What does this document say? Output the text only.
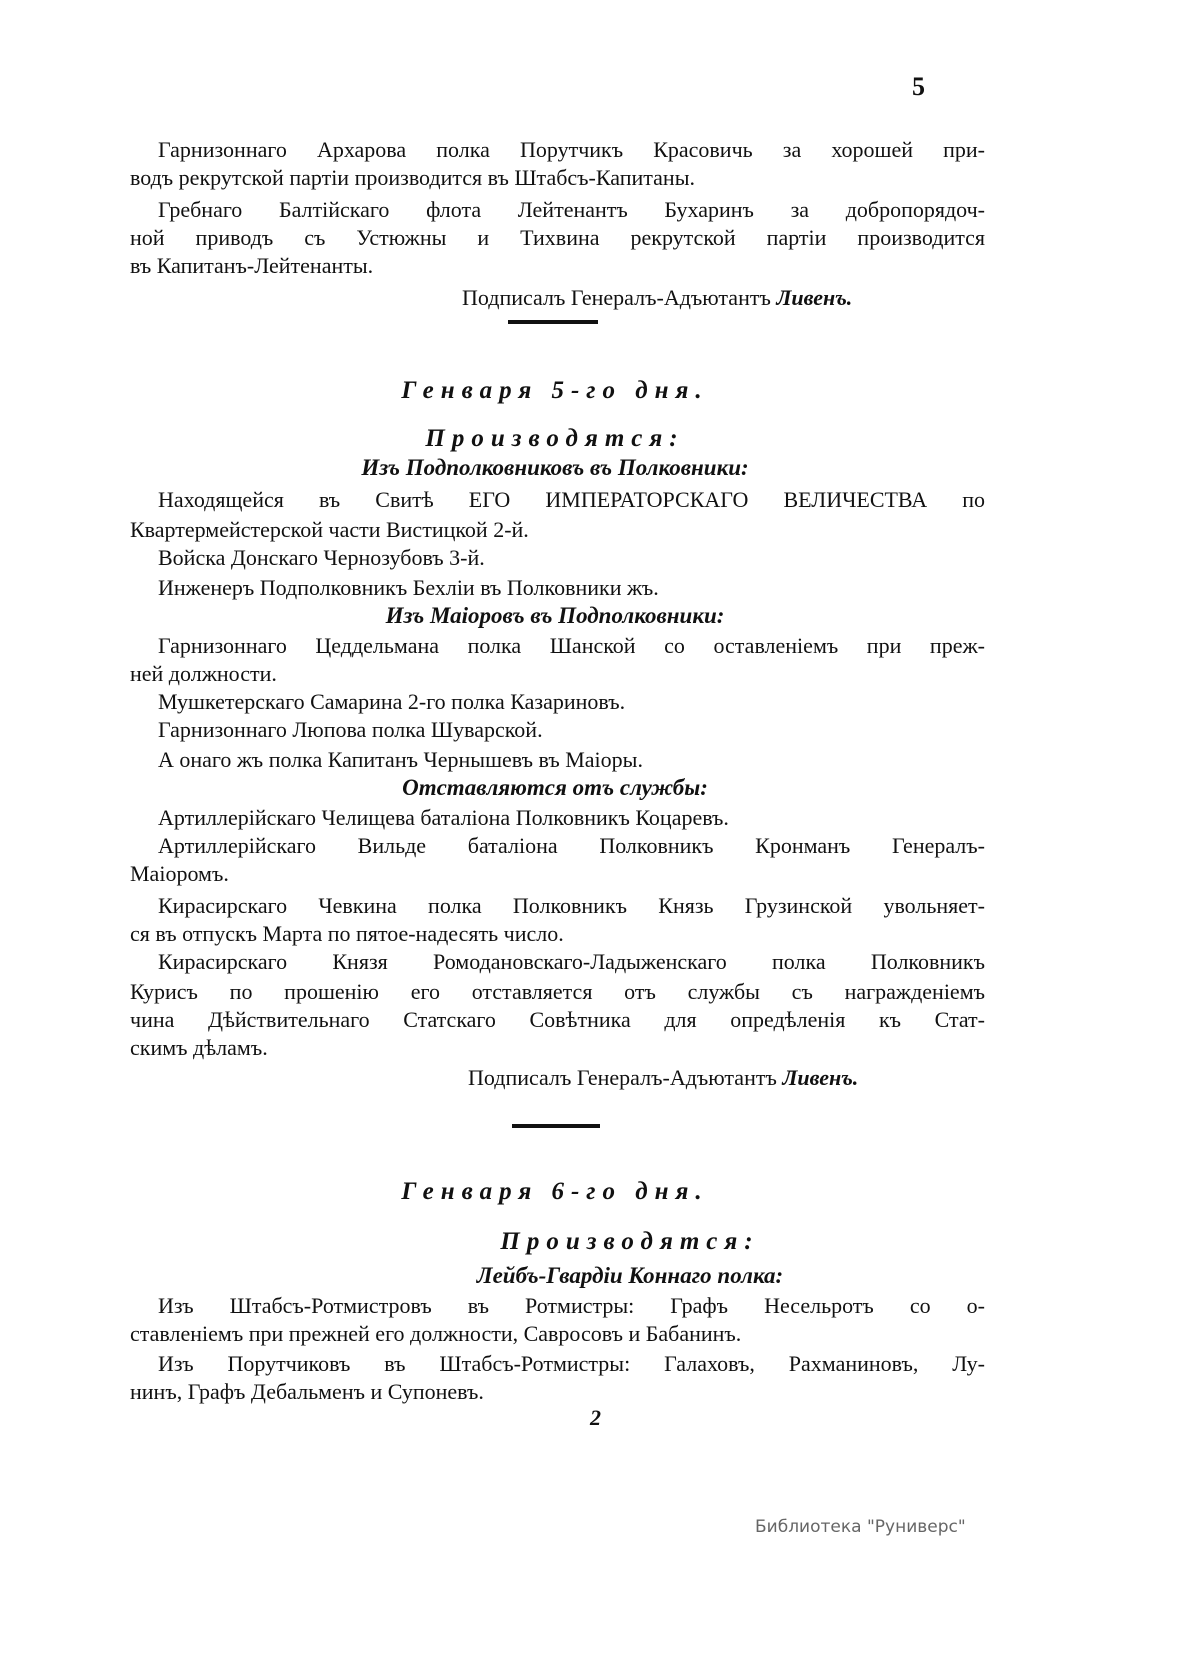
5
Гарнизоннаго Архарова полка Порутчикъ Красовичь за хорошей при-
водъ рекрутской партіи производится въ Штабсъ-Капитаны.
Гребнаго Балтійскаго флота Лейтенантъ Бухаринъ за добропорядоч-
ной приводъ съ Устюжны и Тихвина рекрутской партіи производится
въ Капитанъ-Лейтенанты.
Подписалъ Генералъ-Адъютантъ Ливенъ.
Генваря 5-го дня.
Производятся:
Изъ Подполковниковъ въ Полковники:
Находящейся въ Свитѣ ЕГО ИМПЕРАТОРСКАГО ВЕЛИЧЕСТВА по
Квартермейстерской части Вистицкой 2-й.
Войска Донскаго Чернозубовъ 3-й.
Инженеръ Подполковникъ Бехліи въ Полковники жъ.
Изъ Маіоровъ въ Подполковники:
Гарнизоннаго Цеддельмана полка Шанской со оставленіемъ при преж-
ней должности.
Мушкетерскаго Самарина 2-го полка Казариновъ.
Гарнизоннаго Люпова полка Шуварской.
А онаго жъ полка Капитанъ Чернышевъ въ Маіоры.
Отставляются отъ службы:
Артиллерійскаго Челищева баталіона Полковникъ Коцаревъ.
Артиллерійскаго Вильде баталіона Полковникъ Кронманъ Генералъ-
Маіоромъ.
Кирасирскаго Чевкина полка Полковникъ Князь Грузинской увольняет-
ся въ отпускъ Марта по пятое-надесять число.
Кирасирскаго Князя Ромодановскаго-Ладыженскаго полка Полковникъ
Курисъ по прошенію его отставляется отъ службы съ награжденіемъ
чина Дѣйствительнаго Статскаго Совѣтника для опредѣленія къ Стат-
скимъ дѣламъ.
Подписалъ Генералъ-Адъютантъ Ливенъ.
Генваря 6-го дня.
Производятся:
Лейбъ-Гвардіи Коннаго полка:
Изъ Штабсъ-Ротмистровъ въ Ротмистры: Графъ Несельротъ со о-
ставленіемъ при прежней его должности, Савросовъ и Бабанинъ.
Изъ Порутчиковъ въ Штабсъ-Ротмистры: Галаховъ, Рахманиновъ, Лу-
нинъ, Графъ Дебальменъ и Супоневъ.
2
Библиотека "Руниверс"
